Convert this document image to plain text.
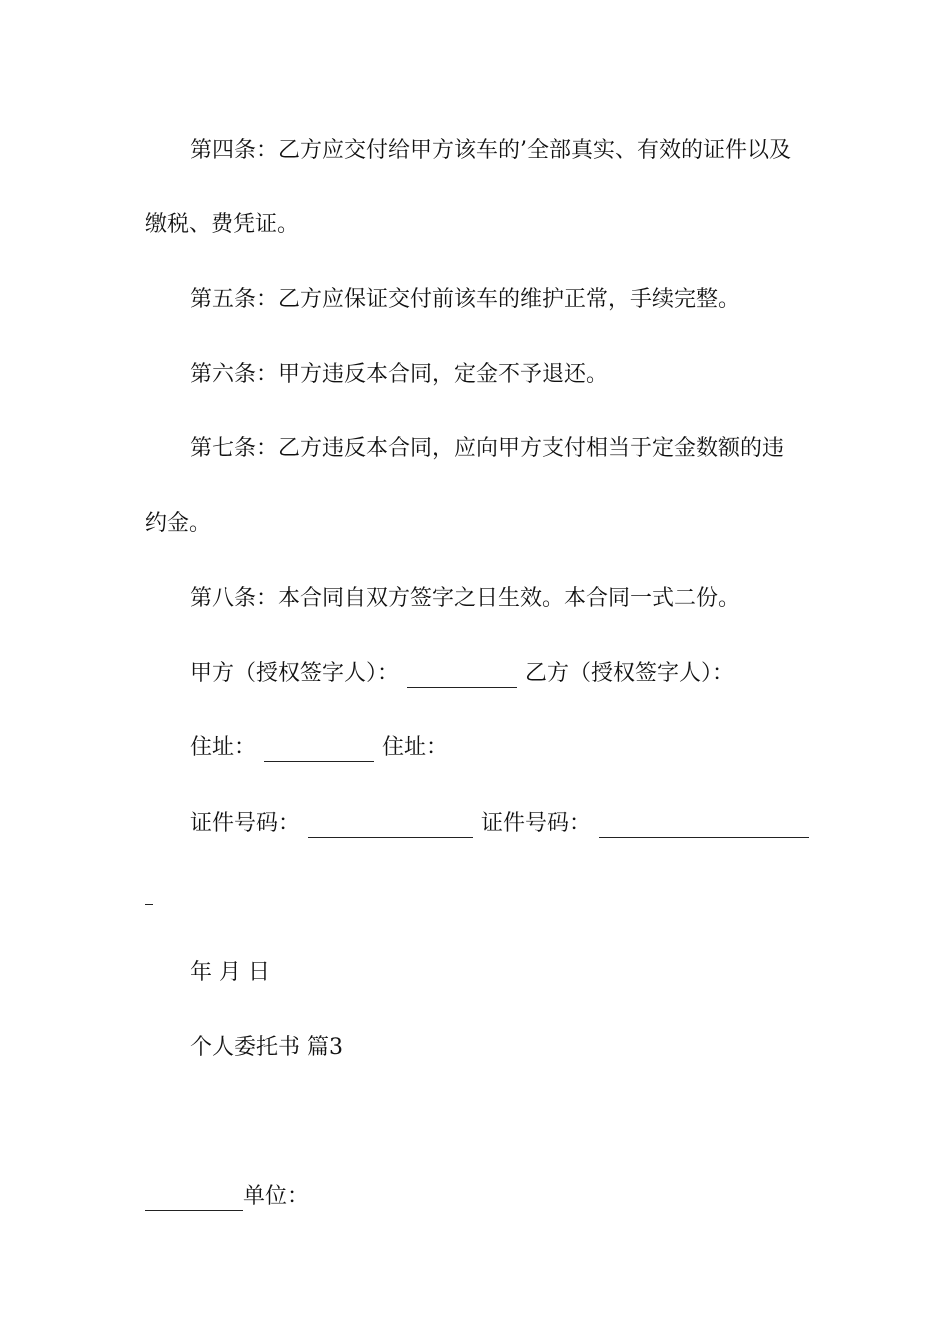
第四条：乙方应交付给甲方该车的’全部真实、有效的证件以及
缴税、费凭证。
第五条：乙方应保证交付前该车的维护正常，手续完整。
第六条：甲方违反本合同，定金不予退还。
第七条：乙方违反本合同，应向甲方支付相当于定金数额的违
约金。
第八条：本合同自双方签字之日生效。本合同一式二份。
甲方（授权签字人）：	乙方（授权签字人）：
住址：	住址：
证件号码：	证件号码：
年 月 日
个人委托书 篇3
单位：
